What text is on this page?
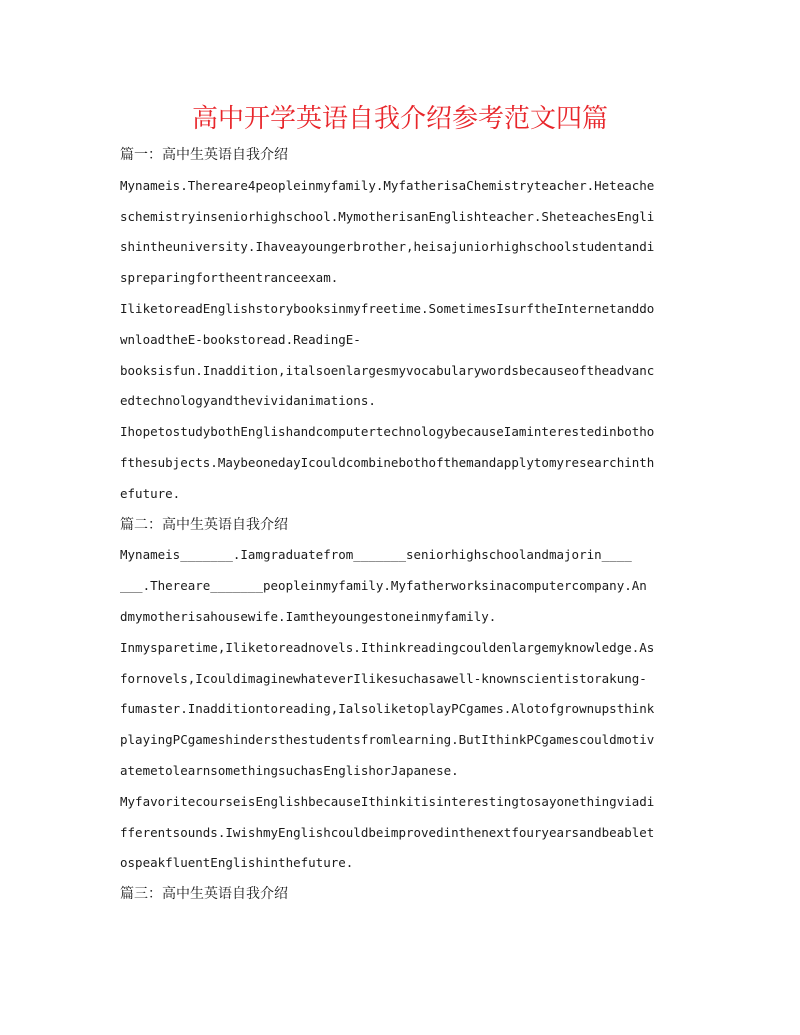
高中开学英语自我介绍参考范文四篇
篇一：高中生英语自我介绍
Mynameis.Thereare4peopleinmyfamily.MyfatherisaChemistryteacher.Heteache
schemistryinseniorhighschool.MymotherisanEnglishteacher.SheteachesEngli
shintheuniversity.Ihaveayoungerbrother,heisajuniorhighschoolstudentandi
spreparingfortheentranceexam.
IliketoreadEnglishstorybooksinmyfreetime.SometimesIsurftheInternetanddo
wnloadtheE-bookstoread.ReadingE-
booksisfun.Inaddition,italsoenlargesmyvocabularywordsbecauseoftheadvanc
edtechnologyandthevividanimations.
IhopetostudybothEnglishandcomputertechnologybecauseIaminterestedinbotho
fthesubjects.MaybeonedayIcouldcombinebothofthemandapplytomyresearchinth
efuture.
篇二：高中生英语自我介绍
Mynameis_______.Iamgraduatefrom_______seniorhighschoolandmajorin____
___.Thereare_______peopleinmyfamily.Myfatherworksinacomputercompany.An
dmymotherisahousewife.Iamtheyoungestoneinmyfamily.
Inmysparetime,Iliketoreadnovels.Ithinkreadingcouldenlargemyknowledge.As
fornovels,IcouldimaginewhateverIlikesuchasawell-knownscientistorakung-
fumaster.Inadditiontoreading,IalsoliketoplayPCgames.Alotofgrownupsthink
playingPCgameshindersthestudentsfromlearning.ButIthinkPCgamescouldmotiv
atemetolearnsomethingsuchasEnglishorJapanese.
MyfavoritecourseisEnglishbecauseIthinkitisinterestingtosayonethingviadi
fferentsounds.IwishmyEnglishcouldbeimprovedinthenextfouryearsandbeablet
ospeakfluentEnglishinthefuture.
篇三：高中生英语自我介绍
